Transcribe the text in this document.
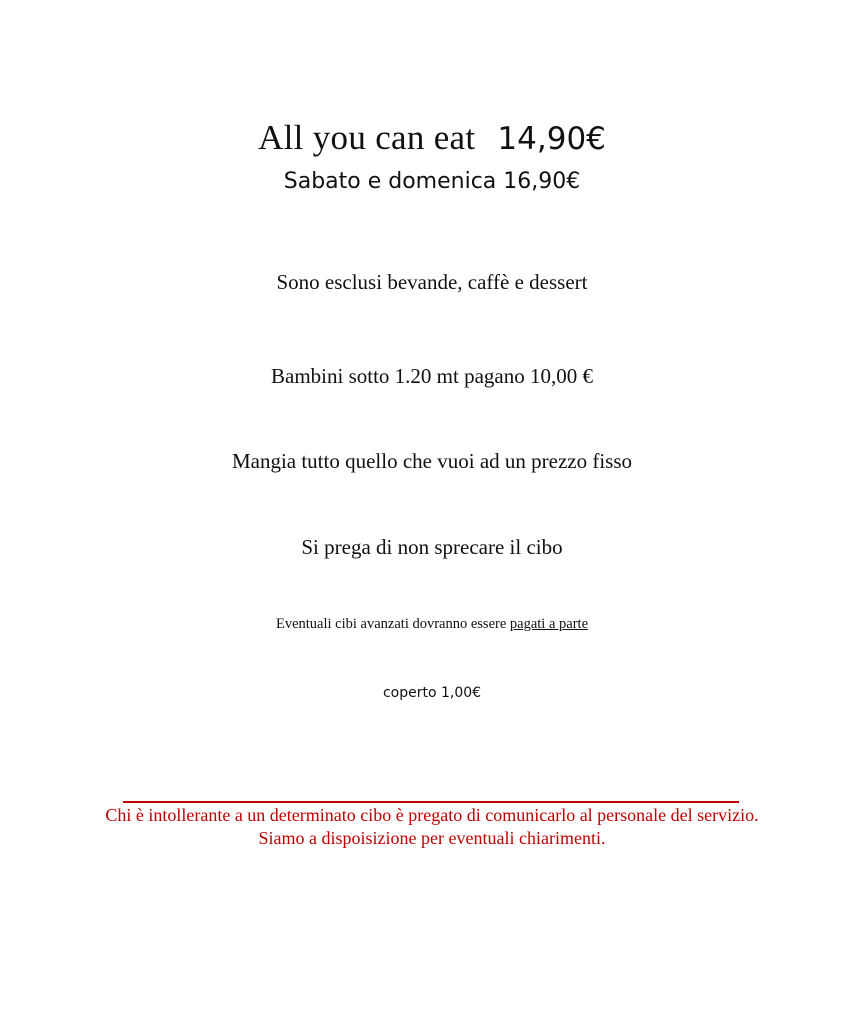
All you can eat 14,90€
Sabato e domenica 16,90€
Sono esclusi bevande, caffè e dessert
Bambini sotto 1.20 mt pagano 10,00 €
Mangia tutto quello che vuoi ad un prezzo fisso
Si prega di non sprecare il cibo
Eventuali cibi avanzati dovranno essere pagati a parte
coperto 1,00€
Chi è intollerante a un determinato cibo è pregato di comunicarlo al personale del servizio.
Siamo a dispoisizione per eventuali chiarimenti.
